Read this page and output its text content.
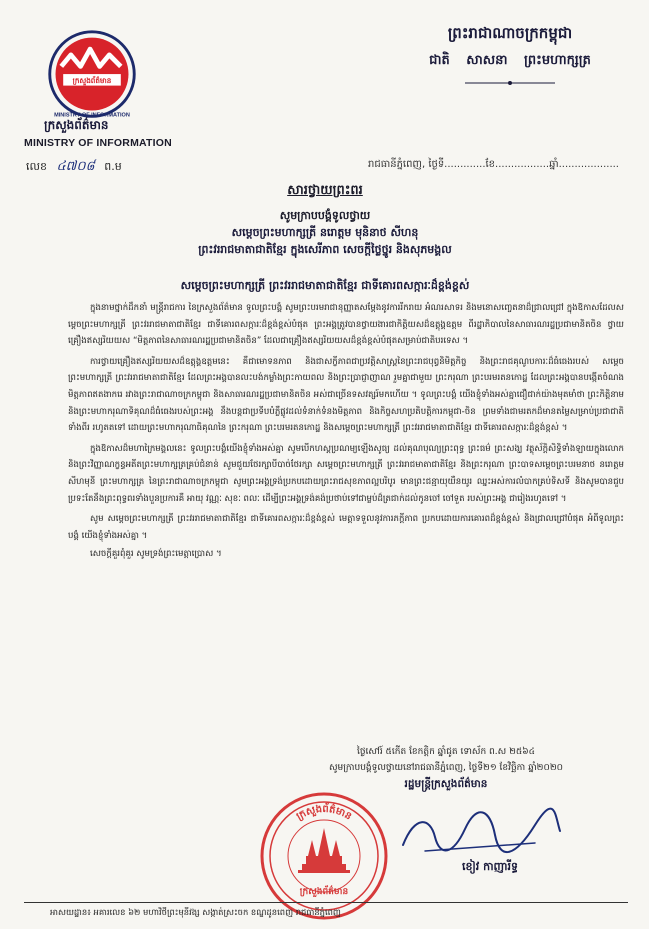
ក្រសួងព័ត៌មាន
MINISTRY OF INFORMATION
ក្រសួងព័ត៌មាន
MINISTRY OF INFORMATION
លេខ ៤៧០៨ ព.ម
ព្រះរាជាណាចក្រកម្ពុជា
ជាតិ សាសនា ព្រះមហាក្សត្រ
រាជធានីភ្នំពេញ, ថ្ងៃទី.............ខែ.................ឆ្នាំ...................
សារថ្វាយព្រះពរ
សូមក្រាបបង្គំទូលថ្វាយ
សម្តេចព្រះមហាក្សត្រី នរោត្តម មុនិនាថ សីហនុ
ព្រះវររាជមាតាជាតិខ្មែរ ក្នុងសេរីភាព សេចក្តីថ្លៃថ្នូរ និងសុភមង្គល
សម្តេចព្រះមហាក្សត្រី ព្រះវររាជមាតាជាតិខ្មែរ ជាទីគោរពសក្ការៈដ៏ខ្ពង់ខ្ពស់

ក្នុងនាមថ្នាក់ដឹកនាំ មន្ត្រីរាជការ នៃក្រសួងព័ត៌មាន ទូលព្រះបង្គំ សូមព្រះបរមរាជានុញ្ញាតសម្តែងនូវការរីករាយ អំណរសាទរ និងមនោសញ្ចេតនាដ៏ជ្រាលជ្រៅ ក្នុងឱកាសដែលសម្តេចព្រះមហាក្សត្រី ព្រះវររាជមាតាជាតិខ្មែរ ជាទីគោរពសក្ការៈដ៏ខ្ពង់ខ្ពស់បំផុត ព្រះអង្គត្រូវបានថ្វាយងារជាកិត្តិយសដ៏ឧត្តុង្គឧត្តម ពីរដ្ឋាភិបាលនៃសាធារណរដ្ឋប្រជាមានិតចិន ថ្វាយគ្រឿងឥស្សរិយយស “មិត្តភាពនៃសាធារណរដ្ឋប្រជាមានិតចិន” ដែលជាគ្រឿងឥស្សរិយយសដ៏ខ្ពង់ខ្ពស់បំផុតសម្រាប់ជាតិបរទេស ។

ការថ្វាយគ្រឿងឥស្សរិយយសដ៏ឧត្តុង្គឧត្តមនេះ គឺជាមោទនភាព និងជាសក្ខីភាពជាប្រវត្តិសាស្ត្រនៃព្រះរាជបុព្វនិមិត្តកិច្ច និងព្រះរាជគុណូបការៈដ៏ធំធេងរបស់ សម្តេចព្រះមហាក្សត្រី ព្រះវររាជមាតាជាតិខ្មែរ ដែលព្រះអង្គបានលះបង់កម្លាំងព្រះកាយពល និងព្រះប្រាជ្ញាញាណ រួមគ្នាជាមួយ ព្រះករុណា ព្រះបរមរតនកោដ្ឋ ដែលព្រះអង្គបានបង្កើតចំណងមិត្តភាពឥតងាករេ រវាងព្រះរាជាណាចក្រកម្ពុជា និងសាធារណរដ្ឋប្រជាមានិតចិន អស់ជាច្រើនទសវត្សរ៍មកហើយ ។ ទូលព្រះបង្គំ យើងខ្ញុំទាំងអស់គ្នាជឿជាក់យ៉ាងមុតមាំថា ព្រះកិត្តិនាម និងព្រះមហាករុណាទិគុណដ៏ធំធេងរបស់ព្រះអង្គ នឹងបន្តជាប្រទីបបំភ្លឺផ្លូវដល់ទំនាក់ទំនងមិត្តភាព និងកិច្ចសហប្រតិបត្តិការកម្ពុជា-ចិន ព្រមទាំងជាមរតកដ៏មានតម្លៃសម្រាប់ប្រជាជាតិទាំងពីរ រហូតតទៅ ដោយព្រះមហាករុណាធិគុណនៃ ព្រះករុណា ព្រះបរមរតនកោដ្ឋ និងសម្តេចព្រះមហាក្សត្រី ព្រះវររាជមាតាជាតិខ្មែរ ជាទីគោរពសក្ការៈដ៏ខ្ពង់ខ្ពស់ ។

ក្នុងឱកាសដ៏មហាក្រៃមង្គលនេះ ទូលព្រះបង្គំយើងខ្ញុំទាំងអស់គ្នា សូមបើកហស្តប្រណម្យឡើងសូធ្យ ដល់គុណបុណ្យព្រះពុទ្ធ ព្រះធម៌ ព្រះសង្ឃ វត្ថុស័ក្តិសិទ្ធិទាំងឡាយក្នុងលោក និងព្រះវិញ្ញាណក្ខន្ធអតីតព្រះមហាក្សត្រគ្រប់ជំនាន់ សូមជួយថែរក្សាបីបាច់ថែរក្សា សម្តេចព្រះមហាក្សត្រី ព្រះវររាជមាតាជាតិខ្មែរ និងព្រះករុណា ព្រះបាទសម្តេចព្រះបរមនាថ នរោត្តម សីហមុនី ព្រះមហាក្សត្រ នៃព្រះរាជាណាចក្រកម្ពុជា សូមព្រះអង្គទ្រង់ប្រកបដោយព្រះរាជសុខភាពល្អបរិបូរ មានព្រះជន្មាយុយឺនយូរ ឈ្នះអស់ការលំបាកគ្រប់ទិសទី និងសូមបានជួបប្រទះតែនឹងព្រះពុទ្ធពរទាំងបួនប្រការគឺ អាយុ វណ្ណៈ សុខៈ ពលៈ ដើម្បីព្រះអង្គទ្រង់គង់ប្រថាប់ទៅជាម្លប់ដ៏ត្រជាក់ដល់កូនចៅ ចៅទួត របស់ព្រះអង្គ ជារៀងរហូតទៅ ។

សូម សម្តេចព្រះមហាក្សត្រី ព្រះវររាជមាតាជាតិខ្មែរ ជាទីគោរពសក្ការៈដ៏ខ្ពង់ខ្ពស់ មេត្តាទទួលនូវការភក្តីភាព ប្រកបដោយការគោរពដ៏ខ្ពង់ខ្ពស់ និងជ្រាលជ្រៅបំផុត អំពីទូលព្រះបង្គំ យើងខ្ញុំទាំងអស់គ្នា ។

សេចក្តីគួរពុំគួរ សូមទ្រង់ព្រះមេត្តាប្រោស ។

ថ្ងៃសៅរ៍ ៥កើត ខែកត្តិក ឆ្នាំជូត ទោស័ក ព.ស ២៥៦៤
សូមក្រាបបង្គំទូលថ្វាយនៅរាជធានីភ្នំពេញ, ថ្ងៃទី២១ ខែវិច្ឆិកា ឆ្នាំ២០២០
រដ្ឋមន្ត្រីក្រសួងព័ត៌មាន
ក្រសួងព័ត៌មាន
ក្រសួងព័ត៌មាន
ខៀវ កាញារីទ្ធ
អាសយដ្ឋាន៖ អគារលេខ ៦២ មហាវិថីព្រះមុនីវង្ស សង្កាត់ស្រះចក ខណ្ឌដូនពេញ រាជធានីភ្នំពេញ
